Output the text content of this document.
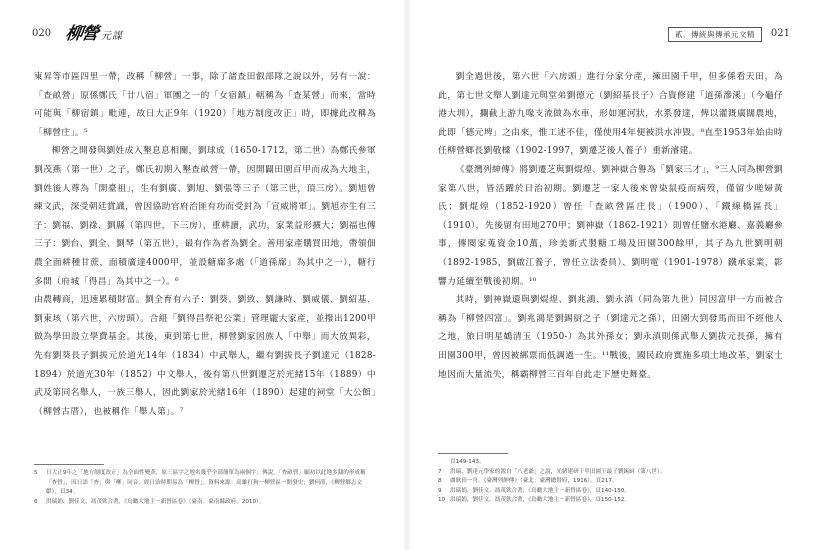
020 柳營 元謀

東昇等市區四里一帶，改稱「柳營」一事，除了諸查田叡部隊之說以外，另有一說：「查畝營」原係鄭氏「廿八宿」軍團之一的「女宿鎮」轄稱為「查某營」而來，當時可能與「柳宿鎮」毗連，故日大正9年（1920）「地方制度改正」時，即據此改稱為「柳營庄」。⁵

柳營之開發與劉姓成入墾息息相關，劉球成（1650-1712，第二世）為鄭氏參軍劉茂燕（第一世）之子，鄭氏初期入墾查畝營一帶，因開闢田園百甲而成為大地主，劉姓後人尊為「開臺祖」，生有劉廣、劉旭、劉張等三子（第三世，頂三房）。劉旭曾練文武，深受朝廷賞識，曾因協助官府治匪有功而受封為「宣威將軍」。劉旭亦生有三子：劉福、劉祿、劉縣（第四世，下三房），重耕讀，武功，家業益形擴大；劉福也傳三子：劉台、劉全、劉琴（第五世），最有作為者為劉全。善用家產購買田地，帶領佃農全面耕種甘蔗，面積廣達4000甲，並設糖廍多處（「道孫廍」為其中之一），糖行多間（府城「得昌」為其中之一）。⁶

由農轉商，迅速累積財富。劉全育有六子：劉葵、劉致、劉謙時、劉威儀、劉紹基、劉東垓（第六世，六房頭）。合組「劉得昌祭祀公業」管理龐大家產，並撥出1200甲做為學田設立學費基金。其後，東到第七世，柳營劉家因族人「中舉」而大放異彩，先有劉葵長子劉拔元於道光14年（1834）中武舉人，繼有劉拔長子劉達元（1828-1894）於道光30年（1852）中文舉人，後有第八世劉遷芝於光緒15年（1889）中武及第同名舉人，一族三舉人，因此劉家於光緒16年（1890）起建的祠堂「大公館」（柳營古厝），也被稱作「舉人第」。⁷

5	日大正9年之「地方制度改正」為全面性變革，原三區字之地名幾乎全部簡單為兩個字；傳說，「查畝營」顧初以此地多隸的形成稱「查營」，因日語「查」與「柳」同音，經日治時期易為「柳營」。資料來源：高雄打狗一柳營區一開發史；劉何薛，《柳營鄉志文獻》，頁34。
6	洪瑞娟、劉佳文、馮茂欽合著，《鳥瞰大地主－新營區卷》（臺南：臺南縣政府，2010）。
貳．傳統與傳承元文精	021

劉全過世後，第六世「六房頭」進行分家分產，擁田園千甲，但多係看天田，為此，第七世文舉人劉達元與堂弟劉德元（劉紹基長子）合資修建「道孫滲溪」（今龜仔港大圳），攔截上游九喙支流做為水車，形如運河狀，水系發達，俾以灌溉廣闊農地，此即「德元埤」之由來，惟工述不佳，僅使用4年便被洪水沖毀。⁸直至1953年始由時任柳營鄉長劉敬樑（1902-1997，劉遷芝後人養子）重新濬建。

《臺灣列紳傳》將劉遷芝與劉焜煌、劉神嶽合譽為「劉家三才」，⁹三人同為柳營劉家第八世，皆活躍於日治初期。劉遷芝一家人後來曾染鼠疫而病歿，僅留少嗟婦黃氏；劉焜煌（1852-1920）曾任「查畝營區庄長」（1900）、「鐵線橋區長」（1910），先後留有田地270甲；劉神嶽（1862-1921）則曾任鹽水港廳、嘉義廳參事，傳閱家蒐資金10萬，珍美新式製糖工場及田園300餘甲，其子為九世劉明朝（1892-1985，劉啟江養子，曾任立法委員）、劉明電（1901-1978）鐵承家業，影響力延續至戰後初期。¹⁰

其時，劉神嶽還與劉焜煌、劉兆鴻、劉永滇（同為第九世）同因富甲一方而被合稱為「柳營四富」。劉兆鴻是劉錫厨之子（劉達元之孫），田園大到發馬而田不經他人之地，旅日明星鶴清玉（1950-）為其外孫女；劉永滇則係武舉人劉拔元長孫，擁有田園300甲，曾因被綁票而低調過一生。¹¹戰後，國民政府實施多項土地改革，劉家土地因而大量流失，稱霸柳營三百年自此走下歷史舞臺。

頁149-143。
7	洪瑞、劉達元學家的源自「八老爺」之說，光緒建研千甲田園下最子劉錫厨（第八世）。
8	盧耿田一舟，《臺灣列紳傳》（臺北：臺灣總督府，1916），頁217。
9	洪瑞娟、劉佳文、馮茂欽合著，《鳥瞰大地主－新營區卷》，頁140-150。
10 洪瑞娟、劉佳文、馮茂欽合著，《鳥瞰大地主－新營區卷》，頁150-152。
